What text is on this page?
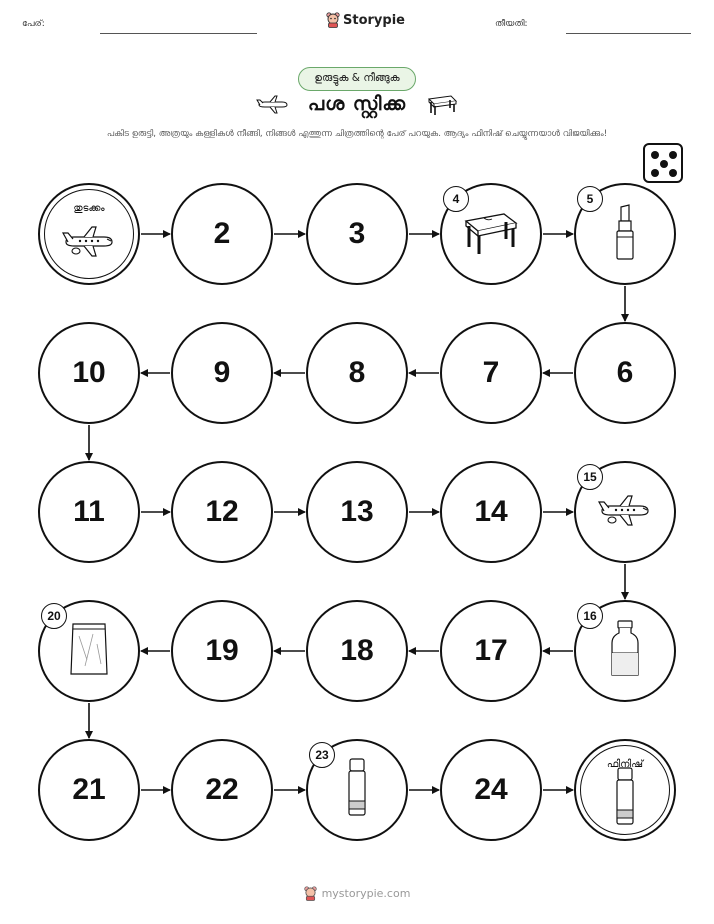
പേര്:	Storypie	തീയതി:
ഉരുട്ടുക & നീങ്ങുക
പശ സ്റ്റിക്ക
പകിട ഉരുട്ടി, അത്രയും കള്ളികൾ നീങ്ങി, നിങ്ങൾ എത്തുന്ന ചിത്രത്തിന്റെ പേര് പറയുക. ആദ്യം ഫിനിഷ് ചെയ്യുന്നയാൾ വിജയിക്കും!
തുടക്കം
2	3
4	5
6
7
8
9
10
11	12	13	14
15
16
17
18
19
20
21	22
23
24
ഫിനിഷ്
mystorypie.com
